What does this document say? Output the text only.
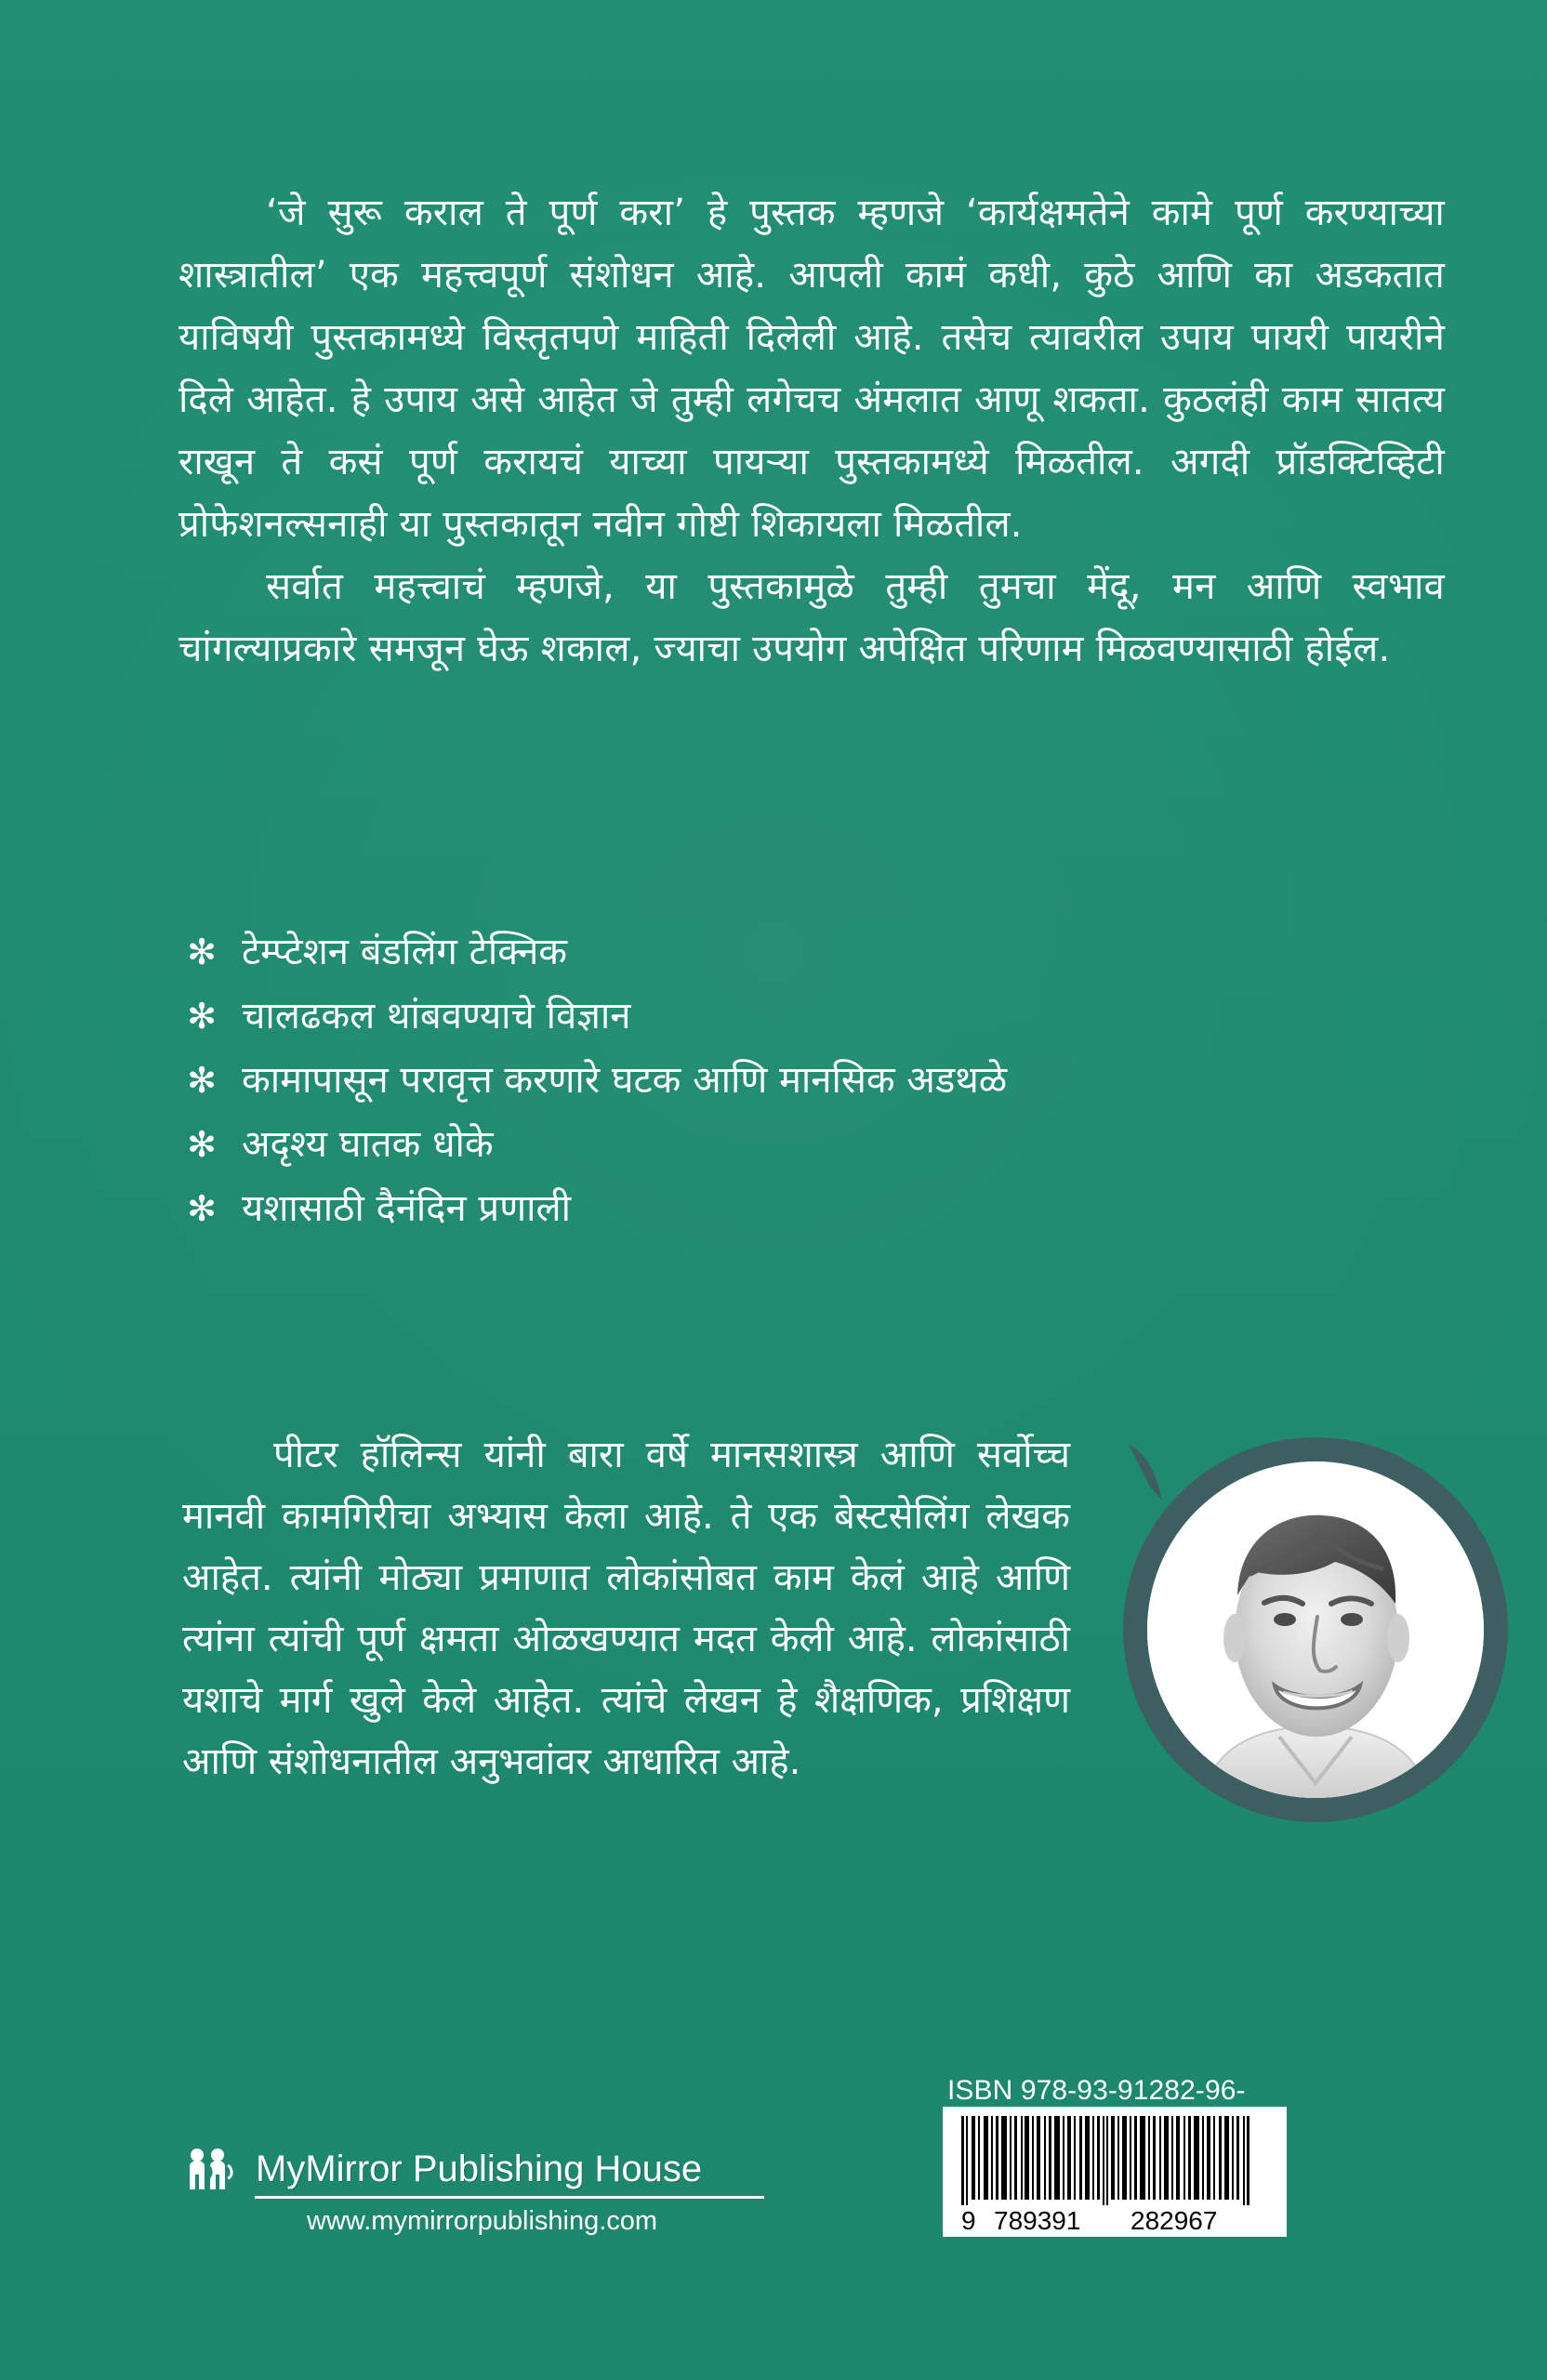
‘जे सुरू कराल ते पूर्ण करा’ हे पुस्तक म्हणजे ‘कार्यक्षमतेने कामे पूर्ण करण्याच्या शास्त्रातील’ एक महत्त्वपूर्ण संशोधन आहे. आपली कामं कधी, कुठे आणि का अडकतात याविषयी पुस्तकामध्ये विस्तृतपणे माहिती दिलेली आहे. तसेच त्यावरील उपाय पायरी पायरीने दिले आहेत. हे उपाय असे आहेत जे तुम्ही लगेचच अंमलात आणू शकता. कुठलंही काम सातत्य राखून ते कसं पूर्ण करायचं याच्या पायऱ्या पुस्तकामध्ये मिळतील. अगदी प्रॉडक्टिव्हिटी प्रोफेशनल्सनाही या पुस्तकातून नवीन गोष्टी शिकायला मिळतील.

सर्वात महत्त्वाचं म्हणजे, या पुस्तकामुळे तुम्ही तुमचा मेंदू, मन आणि स्वभाव चांगल्याप्रकारे समजून घेऊ शकाल, ज्याचा उपयोग अपेक्षित परिणाम मिळवण्यासाठी होईल.

✻ टेम्प्टेशन बंडलिंग टेक्निक
✻ चालढकल थांबवण्याचे विज्ञान
✻ कामापासून परावृत्त करणारे घटक आणि मानसिक अडथळे
✻ अदृश्य घातक धोके
✻ यशासाठी दैनंदिन प्रणाली

पीटर हॉलिन्स यांनी बारा वर्षे मानसशास्त्र आणि सर्वोच्च मानवी कामगिरीचा अभ्यास केला आहे. ते एक बेस्टसेलिंग लेखक आहेत. त्यांनी मोठ्या प्रमाणात लोकांसोबत काम केलं आहे आणि त्यांना त्यांची पूर्ण क्षमता ओळखण्यात मदत केली आहे. लोकांसाठी यशाचे मार्ग खुले केले आहेत. त्यांचे लेखन हे शैक्षणिक, प्रशिक्षण आणि संशोधनातील अनुभवांवर आधारित आहे.

ISBN 978-93-91282-96-
9 789391 282967
MyMirror Publishing House
www.mymirrorpublishing.com
